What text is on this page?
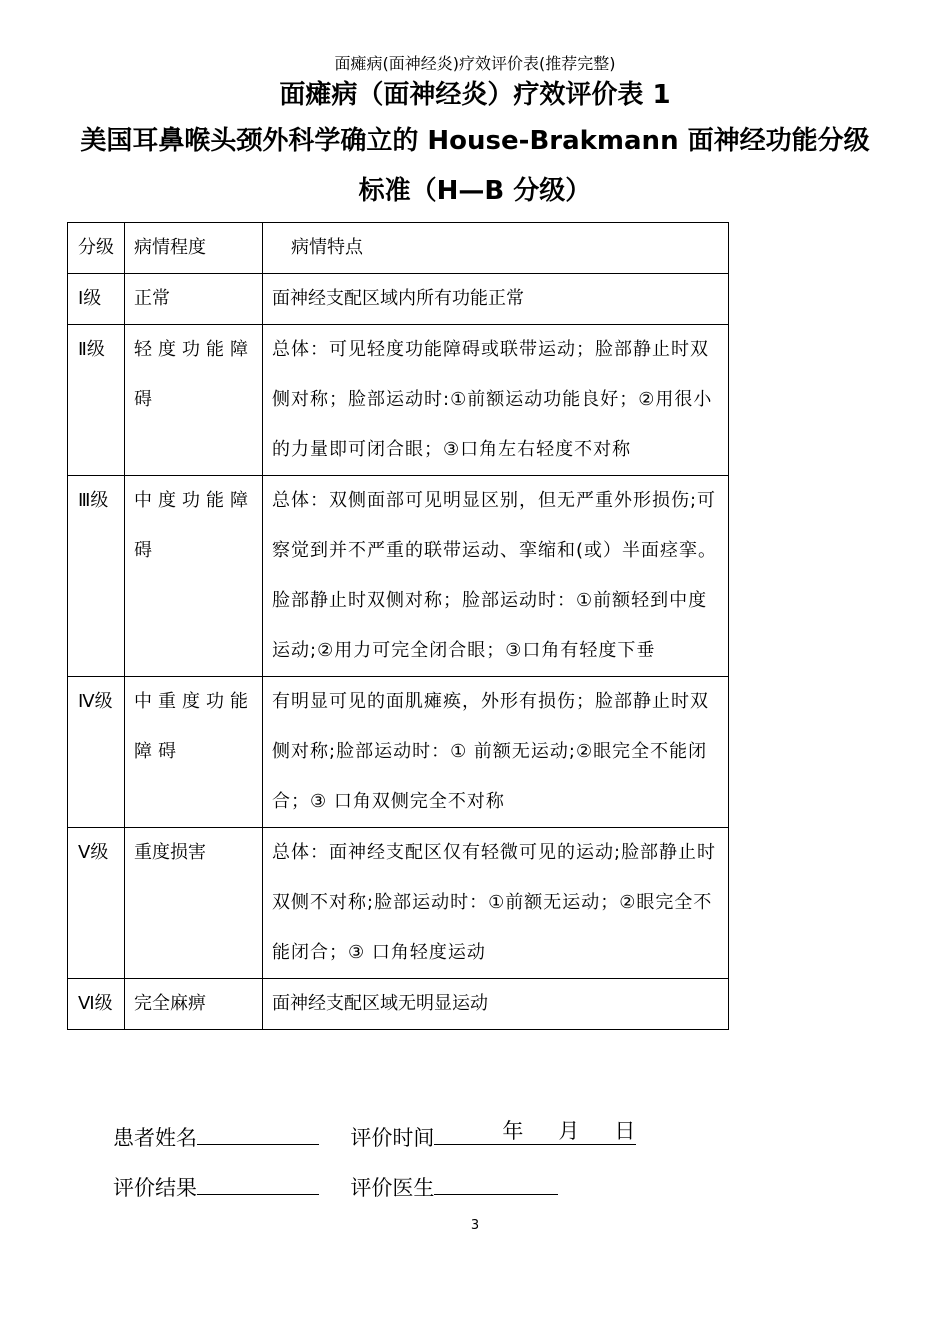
面瘫病(面神经炎)疗效评价表(推荐完整)
面瘫病（面神经炎）疗效评价表 1
美国耳鼻喉头颈外科学确立的 House-Brakmann 面神经功能分级
标准（H—B 分级）
分级	病情程度	病情特点
Ⅰ级	正常	面神经支配区域内所有功能正常
Ⅱ级	轻度功能障碍	总体：可见轻度功能障碍或联带运动；脸部静止时双侧对称；脸部运动时:①前额运动功能良好；②用很小的力量即可闭合眼；③口角左右轻度不对称
Ⅲ级	中度功能障碍	总体：双侧面部可见明显区别，但无严重外形损伤;可察觉到并不严重的联带运动、挛缩和(或）半面痉挛。脸部静止时双侧对称；脸部运动时：①前额轻到中度运动;②用力可完全闭合眼；③口角有轻度下垂
Ⅳ级	中重度功能障碍	有明显可见的面肌瘫痪，外形有损伤；脸部静止时双侧对称;脸部运动时：① 前额无运动;②眼完全不能闭合；③ 口角双侧完全不对称
Ⅴ级	重度损害	总体：面神经支配区仅有轻微可见的运动;脸部静止时双侧不对称;脸部运动时：①前额无运动；②眼完全不能闭合；③ 口角轻度运动
Ⅵ级	完全麻痹	面神经支配区域无明显运动
患者姓名	评价时间	年 月 日
评价结果	评价医生
3
